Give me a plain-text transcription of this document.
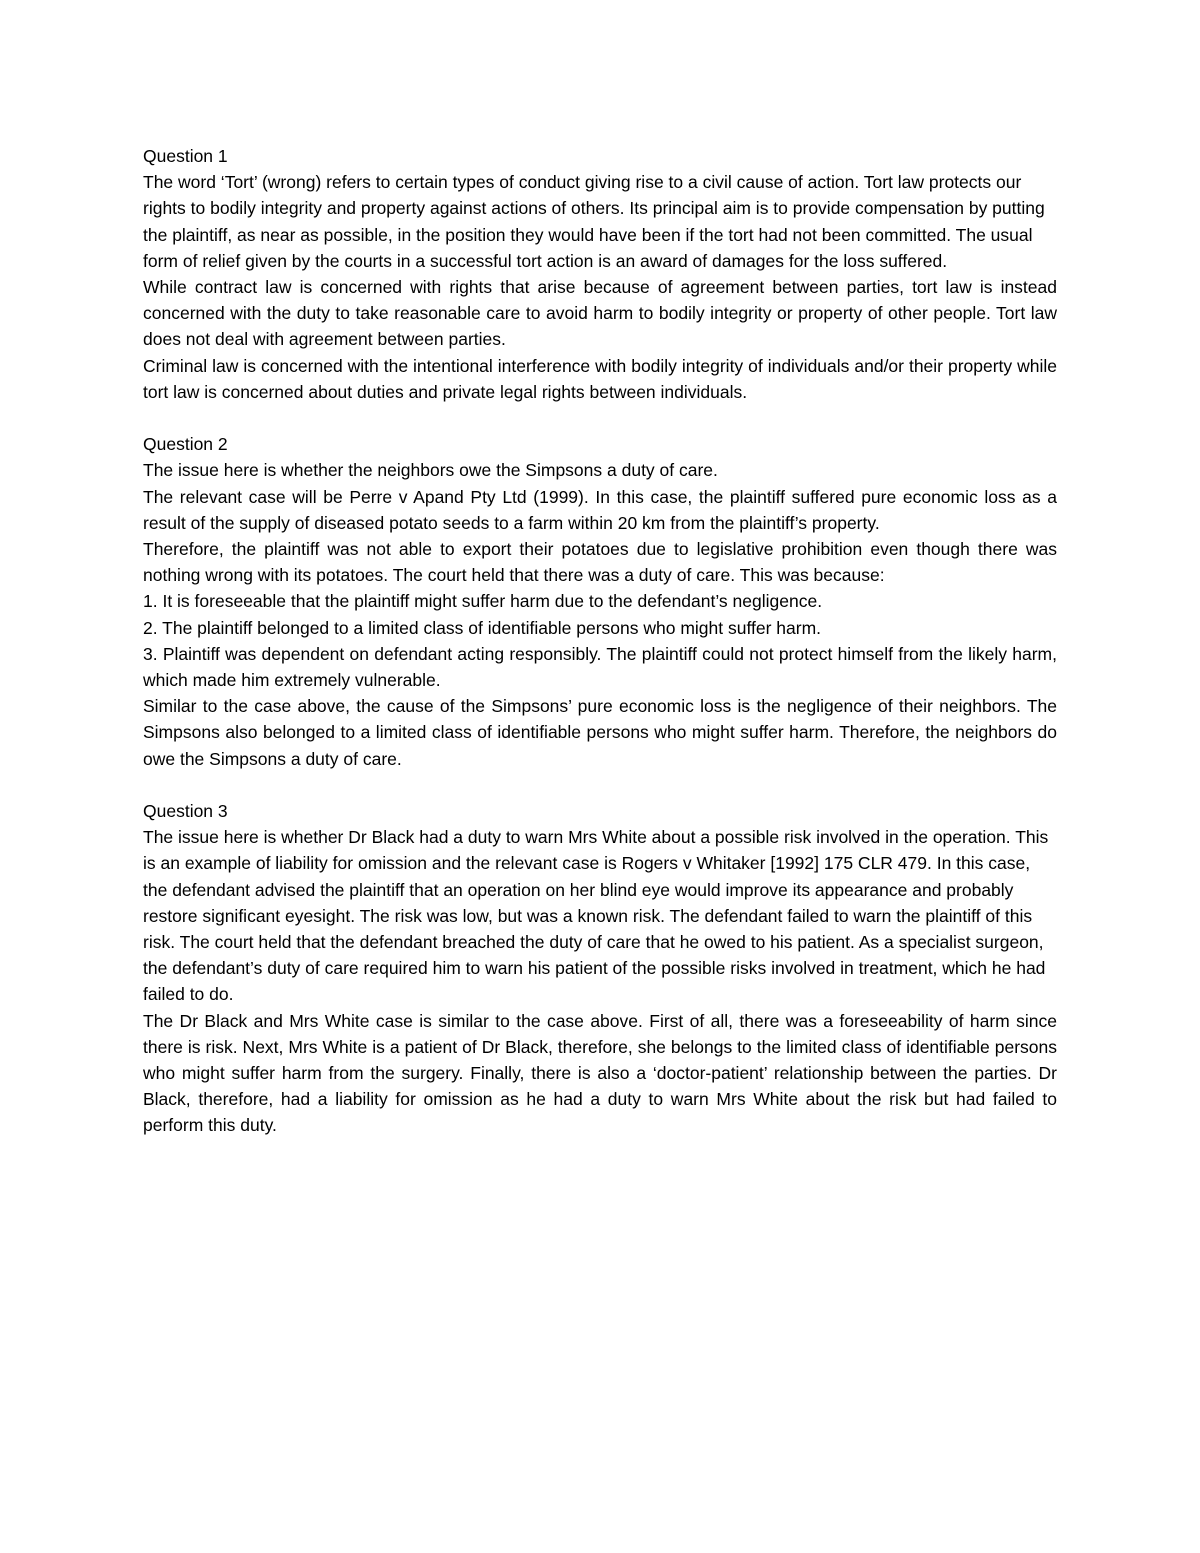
Question 1

The word ‘Tort’ (wrong) refers to certain types of conduct giving rise to a civil cause of action. Tort law protects our rights to bodily integrity and property against actions of others. Its principal aim is to provide compensation by putting the plaintiff, as near as possible, in the position they would have been if the tort had not been committed. The usual form of relief given by the courts in a successful tort action is an award of damages for the loss suffered.

While contract law is concerned with rights that arise because of agreement between parties, tort law is instead concerned with the duty to take reasonable care to avoid harm to bodily integrity or property of other people. Tort law does not deal with agreement between parties.

Criminal law is concerned with the intentional interference with bodily integrity of individuals and/or their property while tort law is concerned about duties and private legal rights between individuals.

Question 2

The issue here is whether the neighbors owe the Simpsons a duty of care.

The relevant case will be Perre v Apand Pty Ltd (1999). In this case, the plaintiff suffered pure economic loss as a result of the supply of diseased potato seeds to a farm within 20 km from the plaintiff’s property.

Therefore, the plaintiff was not able to export their potatoes due to legislative prohibition even though there was nothing wrong with its potatoes. The court held that there was a duty of care. This was because:

1. It is foreseeable that the plaintiff might suffer harm due to the defendant’s negligence.

2. The plaintiff belonged to a limited class of identifiable persons who might suffer harm.

3. Plaintiff was dependent on defendant acting responsibly. The plaintiff could not protect himself from the likely harm, which made him extremely vulnerable.

Similar to the case above, the cause of the Simpsons’ pure economic loss is the negligence of their neighbors. The Simpsons also belonged to a limited class of identifiable persons who might suffer harm. Therefore, the neighbors do owe the Simpsons a duty of care.

Question 3

The issue here is whether Dr Black had a duty to warn Mrs White about a possible risk involved in the operation. This is an example of liability for omission and the relevant case is Rogers v Whitaker [1992] 175 CLR 479. In this case, the defendant advised the plaintiff that an operation on her blind eye would improve its appearance and probably restore significant eyesight. The risk was low, but was a known risk. The defendant failed to warn the plaintiff of this risk. The court held that the defendant breached the duty of care that he owed to his patient. As a specialist surgeon, the defendant’s duty of care required him to warn his patient of the possible risks involved in treatment, which he had failed to do.

The Dr Black and Mrs White case is similar to the case above. First of all, there was a foreseeability of harm since there is risk. Next, Mrs White is a patient of Dr Black, therefore, she belongs to the limited class of identifiable persons who might suffer harm from the surgery. Finally, there is also a ‘doctor-patient’ relationship between the parties. Dr Black, therefore, had a liability for omission as he had a duty to warn Mrs White about the risk but had failed to perform this duty.
